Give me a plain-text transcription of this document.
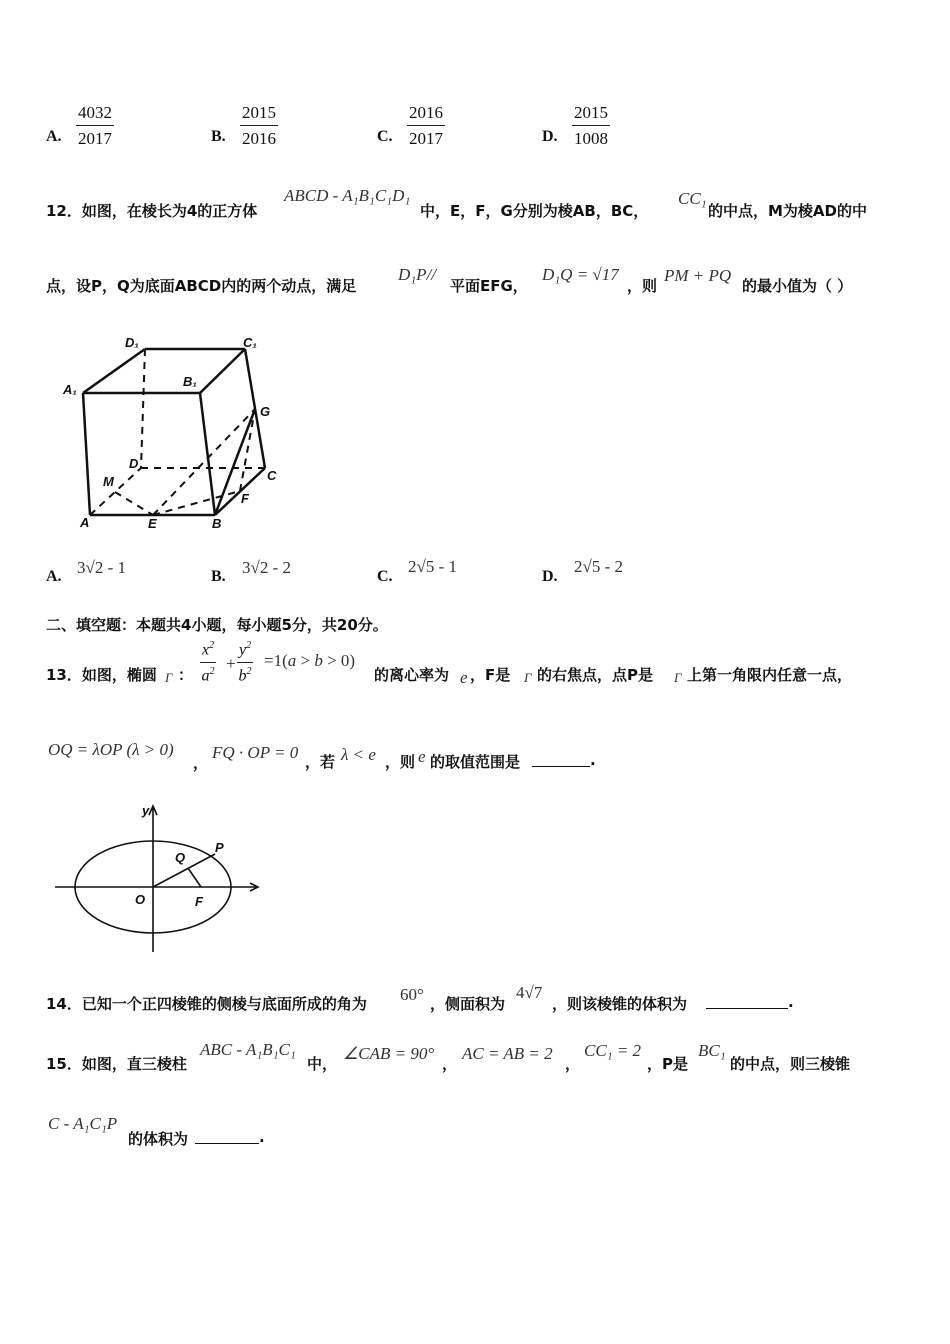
A. $\frac{4032}{2017}$	B. $\frac{2015}{2016}$	C. $\frac{2016}{2017}$	D. $\frac{2015}{1008}$
12．如图，在棱长为4的正方体
ABCD - A₁B₁C₁D₁
中，E，F，G分别为棱AB，BC，
CC₁
的中点，M为棱AD的中
点，设P，Q为底面ABCD内的两个动点，满足
D₁P//
平面EFG，
D₁Q = √17
，则
PM + PQ
的最小值为（ ）
D₁	C₁
A₁
B₁
G
D
C
M
F
A	E	B
A. 3√2 - 1	B. 3√2 - 2	C.
2√5 - 1
D.
2√5 - 2
二、填空题：本题共4小题，每小题5分，共20分。
13．如图，椭圆 Γ ： $\frac{x^2}{a^2} + \frac{y^2}{b^2} =1(a > b > 0)$
的离心率为 e ，F是 Γ 的右焦点，点P是 Γ 上第一角限内任意一点，
OQ = λOP (λ > 0)
，
FQ · OP = 0 ，若 λ < e ，则 e 的取值范围是	.
y
P
Q
O	F
14．已知一个正四棱锥的侧棱与底面所成的角为 60° ，侧面积为
4√7
，则该棱锥的体积为	.
15．如图，直三棱柱
ABC - A₁B₁C₁
中，
∠CAB = 90°
，
AC = AB = 2
，
CC₁ = 2
，P是
BC₁
的中点，则三棱锥
C - A₁C₁P
的体积为	.
